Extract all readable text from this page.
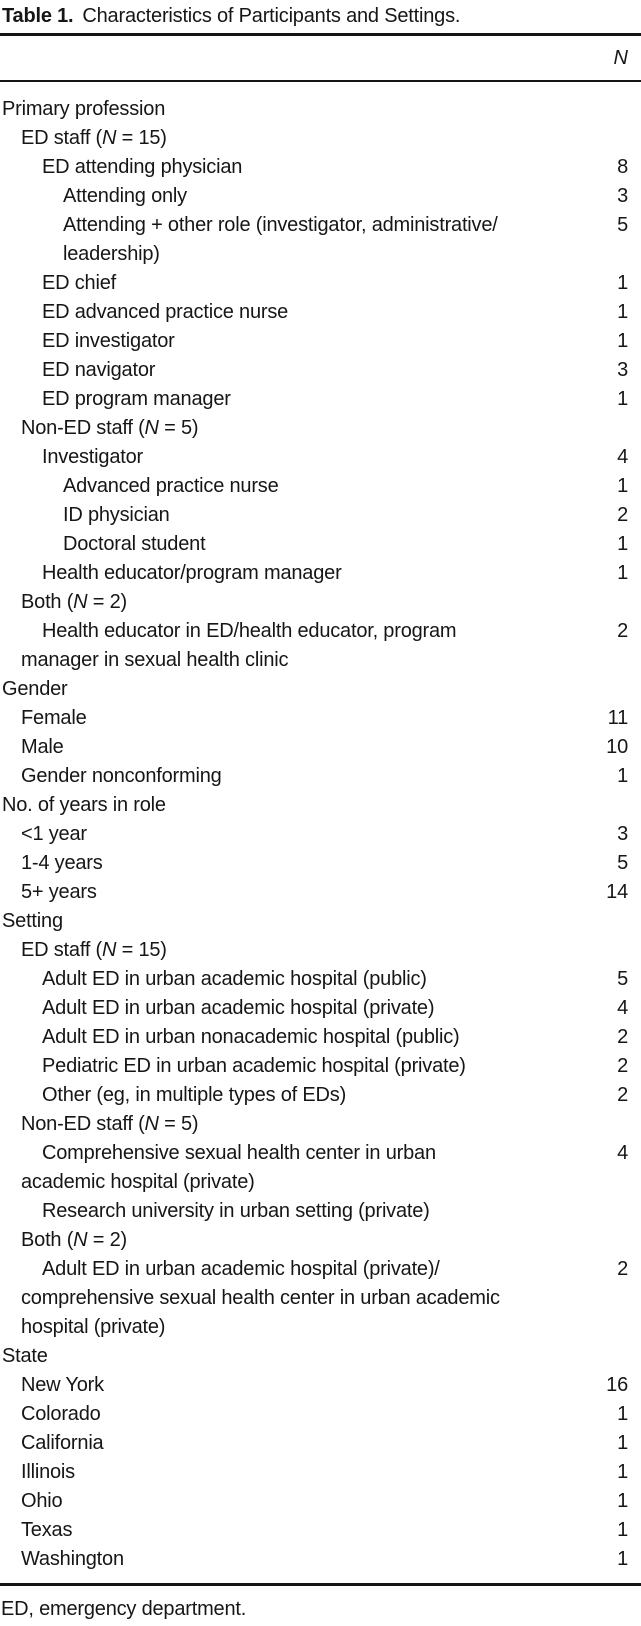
Table 1. Characteristics of Participants and Settings.
N
Primary profession
ED staff (N = 15)
ED attending physician	8
Attending only	3
Attending + other role (investigator, administrative/	5
leadership)
ED chief	1
ED advanced practice nurse	1
ED investigator	1
ED navigator	3
ED program manager	1
Non-ED staff (N = 5)
Investigator	4
Advanced practice nurse	1
ID physician	2
Doctoral student	1
Health educator/program manager	1
Both (N = 2)
Health educator in ED/health educator, program	2
manager in sexual health clinic
Gender
Female	11
Male	10
Gender nonconforming	1
No. of years in role
<1 year	3
1-4 years	5
5+ years	14
Setting
ED staff (N = 15)
Adult ED in urban academic hospital (public)	5
Adult ED in urban academic hospital (private)	4
Adult ED in urban nonacademic hospital (public)	2
Pediatric ED in urban academic hospital (private)	2
Other (eg, in multiple types of EDs)	2
Non-ED staff (N = 5)
Comprehensive sexual health center in urban	4
academic hospital (private)
Research university in urban setting (private)
Both (N = 2)
Adult ED in urban academic hospital (private)/	2
comprehensive sexual health center in urban academic
hospital (private)
State
New York	16
Colorado	1
California	1
Illinois	1
Ohio	1
Texas	1
Washington	1
ED, emergency department.
